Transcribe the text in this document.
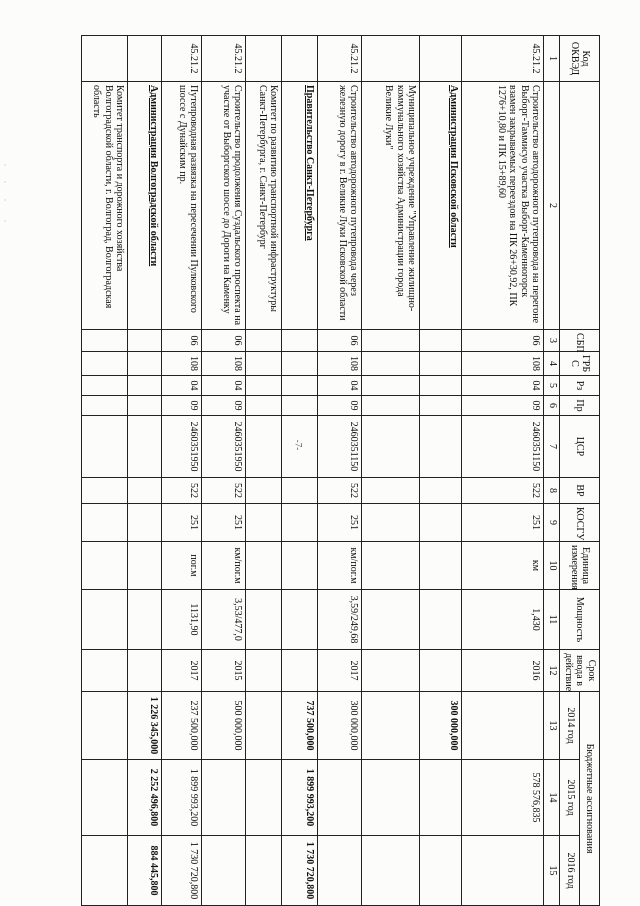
Код ОКВЭД		СБП	ГРБ С	Рз	Пр	ЦСР	ВР	КОСГУ	Единица измерения	Мощность	Срок ввода в действие	Бюджетные ассигнования		
												2014 год	2015 год	2016 год
1	2	3	4	5	6	7	8	9	10	11	12	13	14	15
45.21.2	Строительство автодорожного путепровода на перегоне Выборг-Таммисуо участка Выборг-Каменногорск взамен закрываемых переездов на ПК 26+30,92, ПК 1276+10,80 и ПК 15+89,60	06	108	04	09	2460351150	522	251	км	1,430	2016		578 576,835	
	Администрация Псковской области											300 000,000		
	Муниципальное учреждение "Управление жилищно-коммунального хозяйства Администрации города Великие Луки"													
45.21.2	Строительство автодорожного путепровода через железную дорогу в г. Великие Луки Псковской области	06	108	04	09	2460351150	522	251	км/пог.м	3,59/249,68	2017	300 000,000		
	Правительство Санкт-Петербурга											737 500,000	1 899 993,200	1 730 720,800
	Комитет по развитию транспортной инфраструктуры Санкт-Петербурга, г. Санкт-Петербург													
45.21.2	Строительство продолжения Суздальского проспекта на участке от Выборгского шоссе до Дороги на Каменку	06	108	04	09	2460351950	522	251	км/пог.м	3,53/477,0	2015	500 000,000		
45.21.2	Путепроводная развязка на пересечении Пулковского шоссе с Дунайским пр.	06	108	04	09	2460351950	522	251	пог.м	1131,90	2017	237 500,000	1 899 993,200	1 730 720,800
	Администрация Волгоградской области											1 226 345,000	2 252 496,800	884 445,800
	Комитет транспорта и дорожного хозяйства Волгоградской области, г. Волгоград, Волгоградская область													
-7-
